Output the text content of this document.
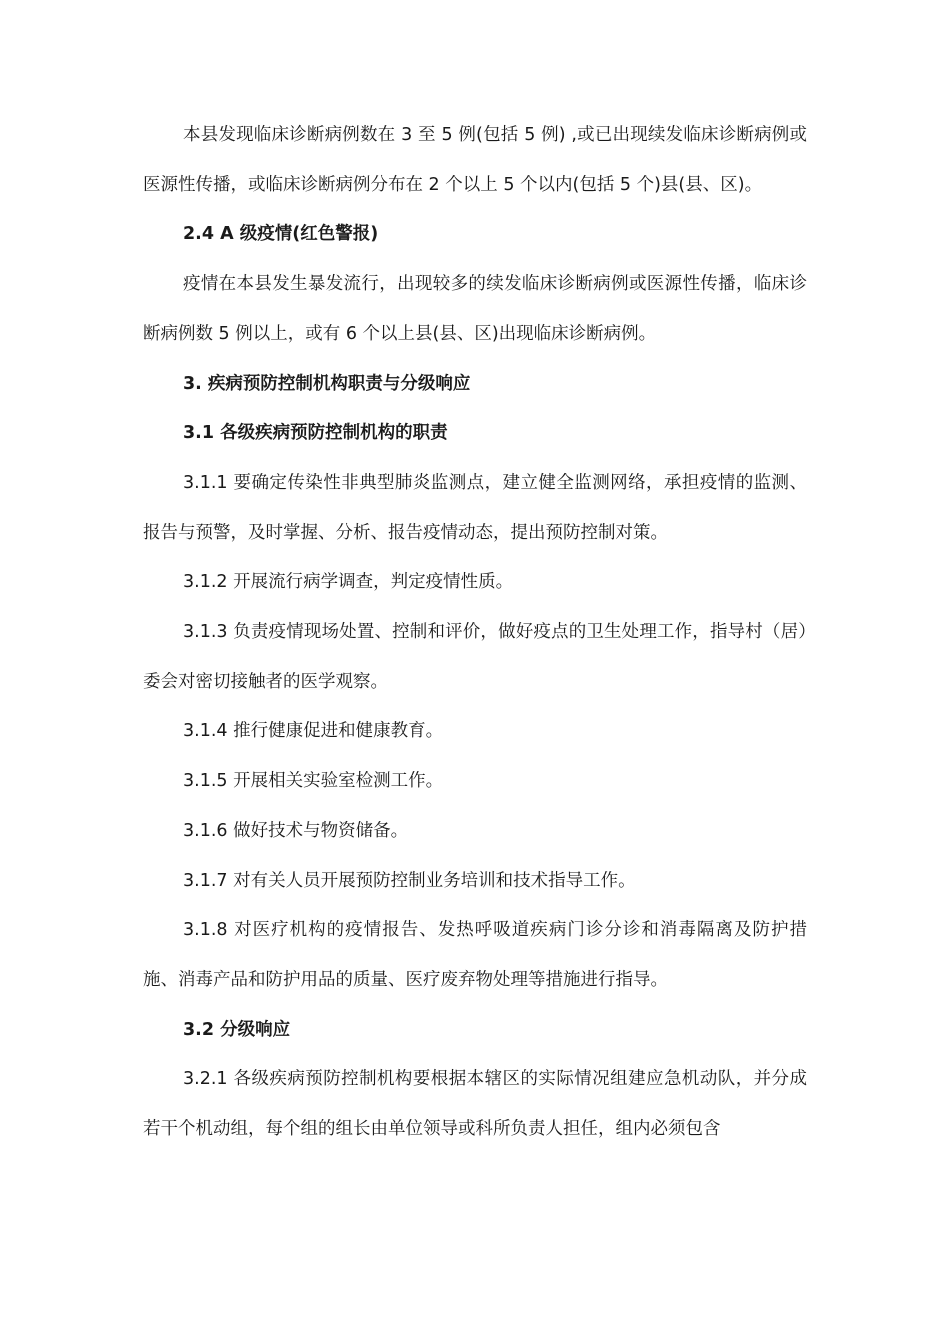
本县发现临床诊断病例数在 3 至 5 例(包括 5 例) ,或已出现续发临床诊断病例或医源性传播，或临床诊断病例分布在 2 个以上 5 个以内(包括 5 个)县(县、区)。

2.4 A 级疫情(红色警报)

疫情在本县发生暴发流行，出现较多的续发临床诊断病例或医源性传播，临床诊断病例数 5 例以上，或有 6 个以上县(县、区)出现临床诊断病例。

3. 疾病预防控制机构职责与分级响应

3.1 各级疾病预防控制机构的职责

3.1.1 要确定传染性非典型肺炎监测点，建立健全监测网络，承担疫情的监测、报告与预警，及时掌握、分析、报告疫情动态，提出预防控制对策。

3.1.2 开展流行病学调查，判定疫情性质。

3.1.3 负责疫情现场处置、控制和评价，做好疫点的卫生处理工作，指导村（居）委会对密切接触者的医学观察。

3.1.4 推行健康促进和健康教育。

3.1.5 开展相关实验室检测工作。

3.1.6 做好技术与物资储备。

3.1.7 对有关人员开展预防控制业务培训和技术指导工作。

3.1.8 对医疗机构的疫情报告、发热呼吸道疾病门诊分诊和消毒隔离及防护措施、消毒产品和防护用品的质量、医疗废弃物处理等措施进行指导。

3.2 分级响应

3.2.1 各级疾病预防控制机构要根据本辖区的实际情况组建应急机动队，并分成若干个机动组，每个组的组长由单位领导或科所负责人担任，组内必须包含
